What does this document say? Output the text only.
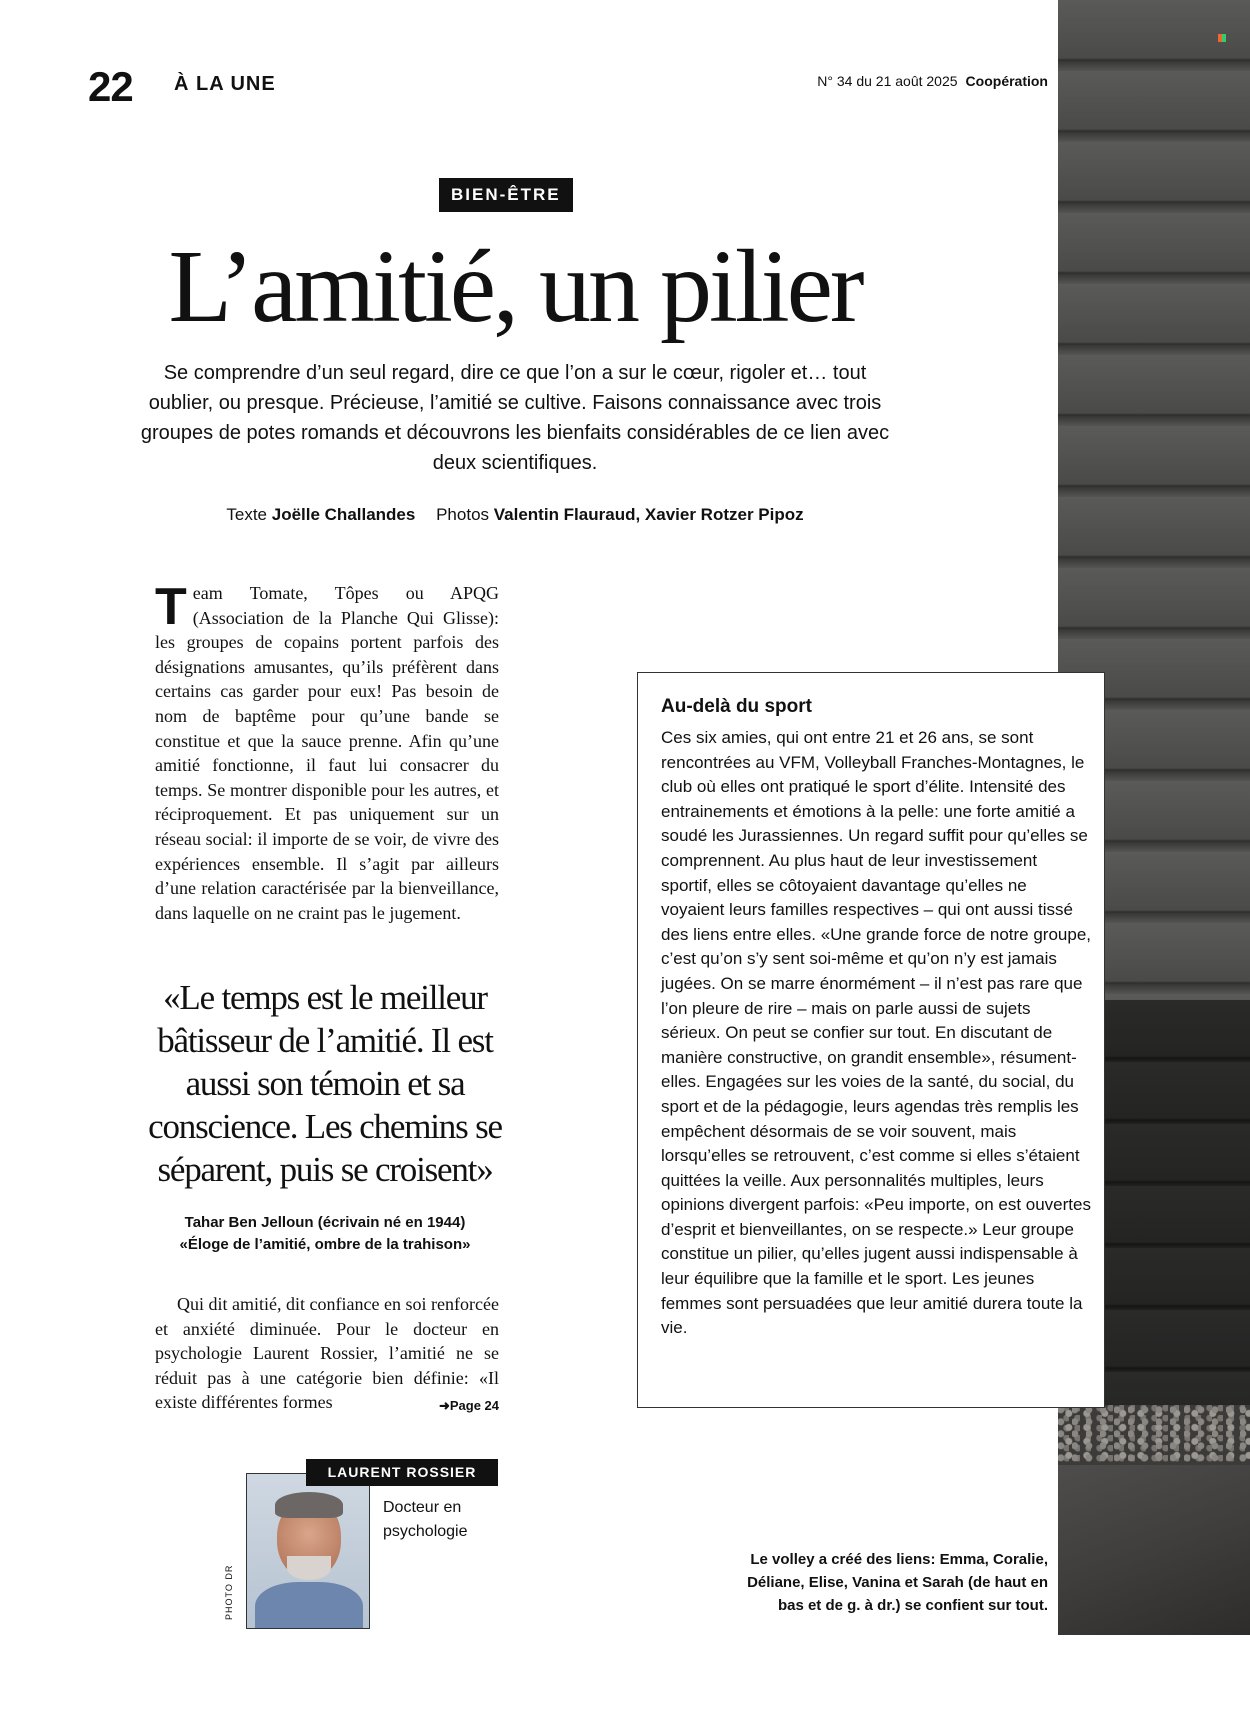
22 À LA UNE	N° 34 du 21 août 2025 Coopération
BIEN-ÊTRE
L’amitié, un pilier
Se comprendre d’un seul regard, dire ce que l’on a sur le cœur, rigoler et… tout oublier, ou presque. Précieuse, l’amitié se cultive. Faisons connaissance avec trois groupes de potes romands et découvrons les bienfaits considérables de ce lien avec deux scientifiques.
Texte Joëlle Challandes Photos Valentin Flauraud, Xavier Rotzer Pipoz
Team Tomate, Tôpes ou APQG (Association de la Planche Qui Glisse): les groupes de copains portent parfois des désignations amusantes, qu’ils préfèrent dans certains cas garder pour eux! Pas besoin de nom de baptême pour qu’une bande se constitue et que la sauce prenne. Afin qu’une amitié fonctionne, il faut lui consacrer du temps. Se montrer disponible pour les autres, et réciproquement. Et pas uniquement sur un réseau social: il importe de se voir, de vivre des expériences ensemble. Il s’agit par ailleurs d’une relation caractérisée par la bienveillance, dans laquelle on ne craint pas le jugement.
«Le temps est le meilleur bâtisseur de l’amitié. Il est aussi son témoin et sa conscience. Les chemins se séparent, puis se croisent»
Tahar Ben Jelloun (écrivain né en 1944)
«Éloge de l’amitié, ombre de la trahison»
Qui dit amitié, dit confiance en soi renforcée et anxiété diminuée. Pour le docteur en psychologie Laurent Rossier, l’amitié ne se réduit pas à une catégorie bien définie: «Il existe différentes formes	➜Page 24
Au-delà du sport
Ces six amies, qui ont entre 21 et 26 ans, se sont rencontrées au VFM, Volleyball Franches-Montagnes, le club où elles ont pratiqué le sport d’élite. Intensité des entrainements et émotions à la pelle: une forte amitié a soudé les Jurassiennes. Un regard suffit pour qu’elles se comprennent. Au plus haut de leur investissement sportif, elles se côtoyaient davantage qu’elles ne voyaient leurs familles respectives – qui ont aussi tissé des liens entre elles. «Une grande force de notre groupe, c’est qu’on s’y sent soi-même et qu’on n’y est jamais jugées. On se marre énormément – il n’est pas rare que l’on pleure de rire – mais on parle aussi de sujets sérieux. On peut se confier sur tout. En discutant de manière constructive, on grandit ensemble», résument-elles. Engagées sur les voies de la santé, du social, du sport et de la pédagogie, leurs agendas très remplis les empêchent désormais de se voir souvent, mais lorsqu’elles se retrouvent, c’est comme si elles s’étaient quittées la veille. Aux personnalités multiples, leurs opinions divergent parfois: «Peu importe, on est ouvertes d’esprit et bienveillantes, on se respecte.» Leur groupe constitue un pilier, qu’elles jugent aussi indispensable à leur équilibre que la famille et le sport. Les jeunes femmes sont persuadées que leur amitié durera toute la vie.
LAURENT ROSSIER
Docteur en psychologie
PHOTO DR
Le volley a créé des liens: Emma, Coralie, Déliane, Elise, Vanina et Sarah (de haut en bas et de g. à dr.) se confient sur tout.
